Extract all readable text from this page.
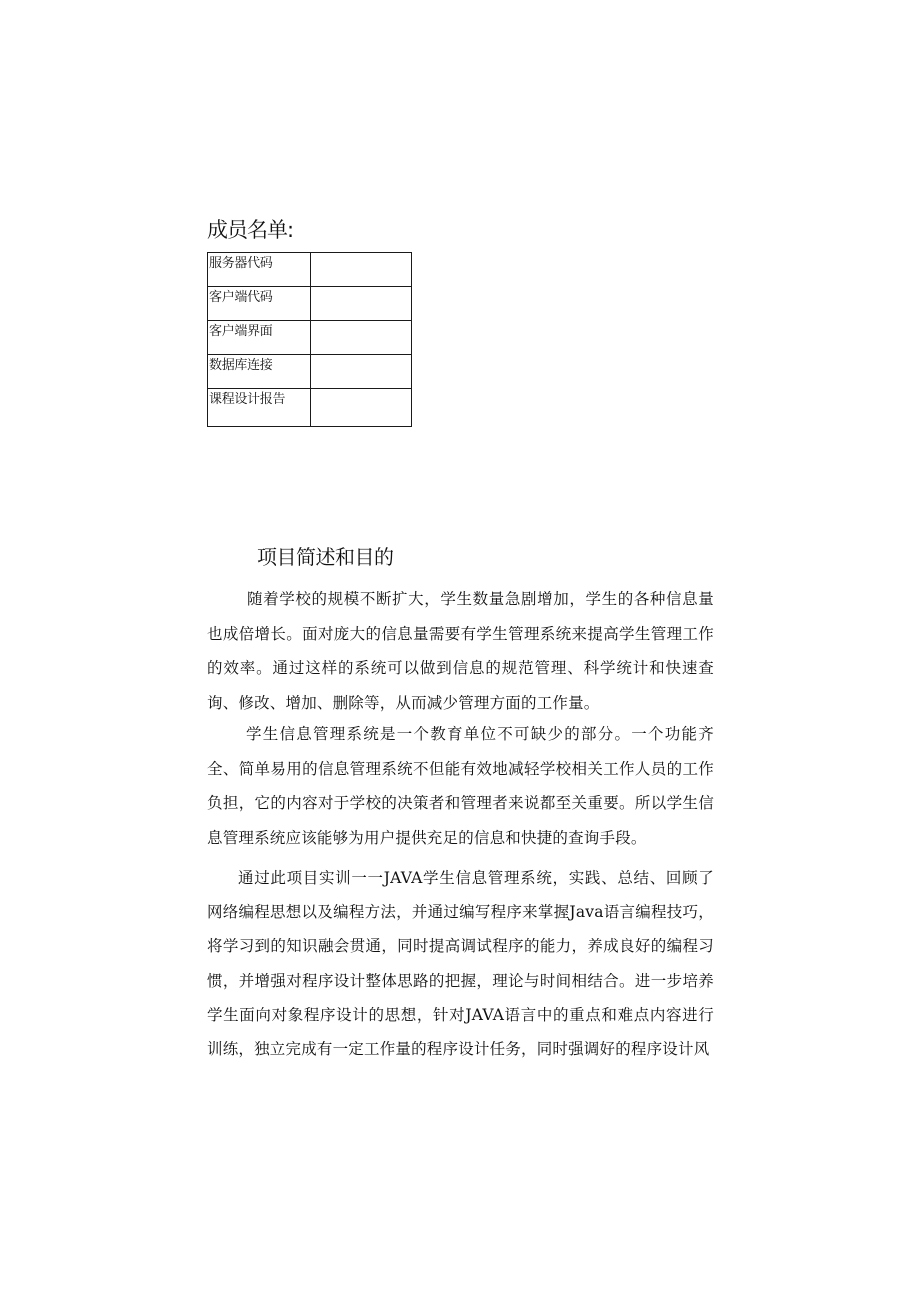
成员名单:
服务器代码	
客户端代码	
客户端界面	
数据库连接	
课程设计报告	
项目简述和目的

随着学校的规模不断扩大，学生数量急剧增加，学生的各种信息量也成倍增长。面对庞大的信息量需要有学生管理系统来提高学生管理工作的效率。通过这样的系统可以做到信息的规范管理、科学统计和快速查询、修改、增加、删除等，从而减少管理方面的工作量。

学生信息管理系统是一个教育单位不可缺少的部分。一个功能齐全、简单易用的信息管理系统不但能有效地减轻学校相关工作人员的工作负担，它的内容对于学校的决策者和管理者来说都至关重要。所以学生信息管理系统应该能够为用户提供充足的信息和快捷的查询手段。

通过此项目实训一一JAVA学生信息管理系统，实践、总结、回顾了网络编程思想以及编程方法，并通过编写程序来掌握Java语言编程技巧，将学习到的知识融会贯通，同时提高调试程序的能力，养成良好的编程习惯，并增强对程序设计整体思路的把握，理论与时间相结合。进一步培养学生面向对象程序设计的思想，针对JAVA语言中的重点和难点内容进行训练，独立完成有一定工作量的程序设计任务，同时强调好的程序设计风
